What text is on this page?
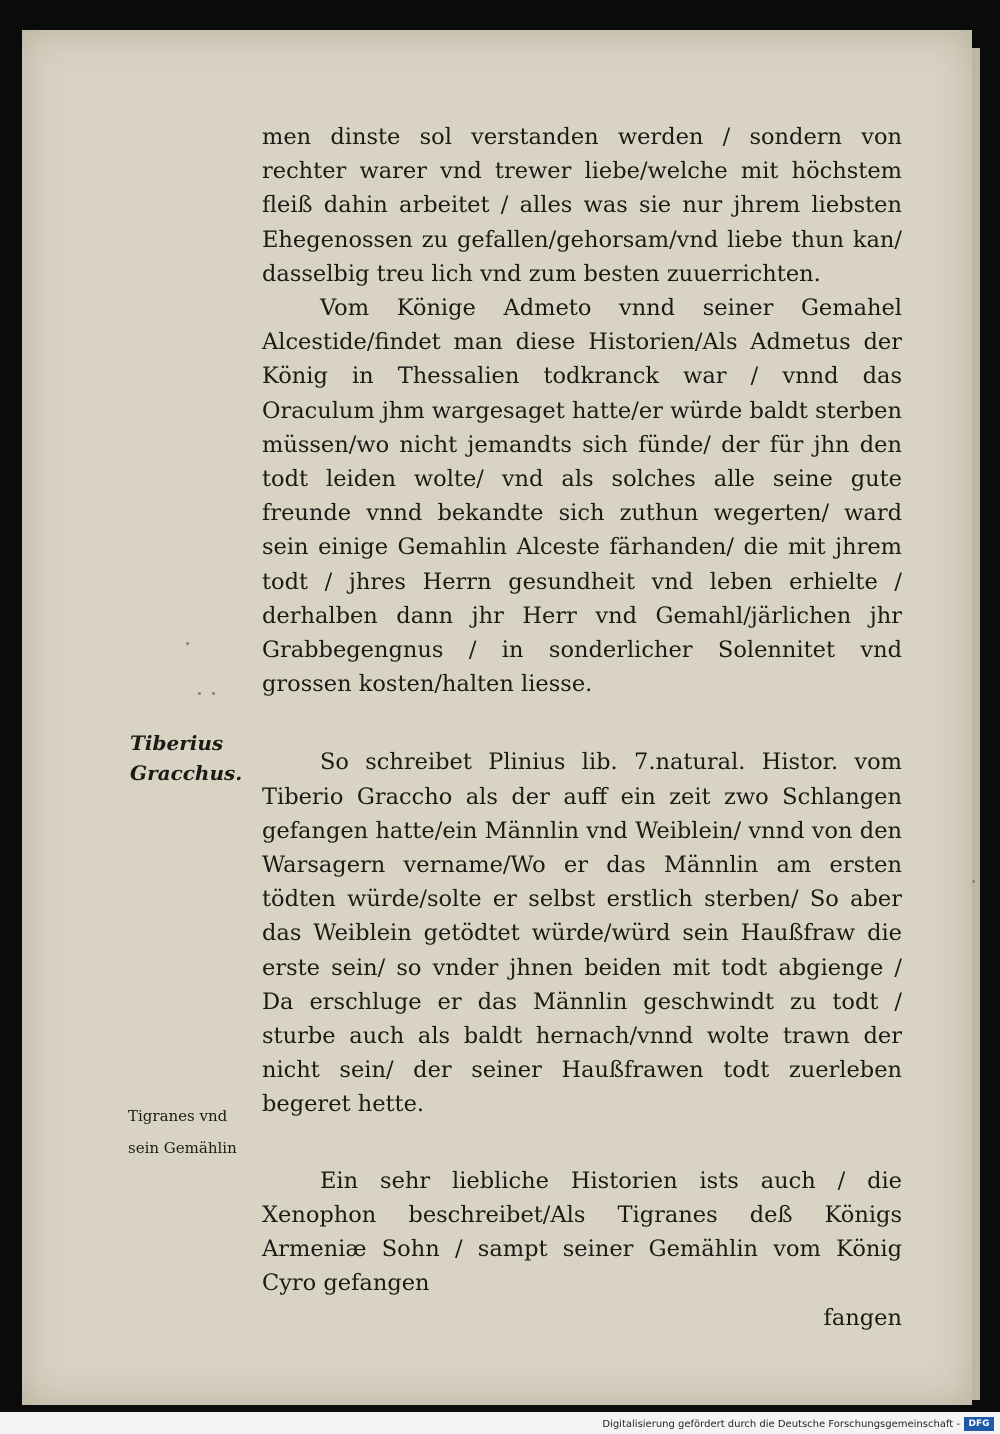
men dinste sol verstanden werden / sondern von rechter warer vnd trewer liebe/welche mit höchstem fleiß dahin arbeitet / alles was sie nur jhrem liebsten Ehegenossen zu gefallen/gehorsam/vnd liebe thun kan/ dasselbig treu lich vnd zum besten zuuerrichten.

Vom Könige Admeto vnnd seiner Gemahel Alcestide/findet man diese Historien/Als Admetus der König in Thessalien todkranck war / vnnd das Oraculum jhm wargesaget hatte/er würde baldt sterben müssen/wo nicht jemandts sich fünde/ der für jhn den todt leiden wolte/ vnd als solches alle seine gute freunde vnnd bekandte sich zuthun wegerten/ ward sein einige Gemahlin Alceste färhanden/ die mit jhrem todt / jhres Herrn gesundheit vnd leben erhielte / derhalben dann jhr Herr vnd Gemahl/järlichen jhr Grabbegengnus / in sonderlicher Solennitet vnd grossen kosten/halten liesse.

So schreibet Plinius lib. 7.natural. Histor. vom Tiberio Graccho als der auff ein zeit zwo Schlangen gefangen hatte/ein Männlin vnd Weiblein/ vnnd von den Warsagern vername/Wo er das Männlin am ersten tödten würde/solte er selbst erstlich sterben/ So aber das Weiblein getödtet würde/würd sein Haußfraw die erste sein/ so vnder jhnen beiden mit todt abgienge / Da erschluge er das Männlin geschwindt zu todt / sturbe auch als baldt hernach/vnnd wolte trawn der nicht sein/ der seiner Haußfrawen todt zuerleben begeret hette.

Ein sehr liebliche Historien ists auch / die Xenophon beschreibet/Als Tigranes deß Königs Armeniæ Sohn / sampt seiner Gemählin vom König Cyro gefangen

fangen

Tiberius
Gracchus.
Tigranes vnd
sein Gemählin
Digitalisierung gefördert durch die Deutsche Forschungsgemeinschaft - DFG
